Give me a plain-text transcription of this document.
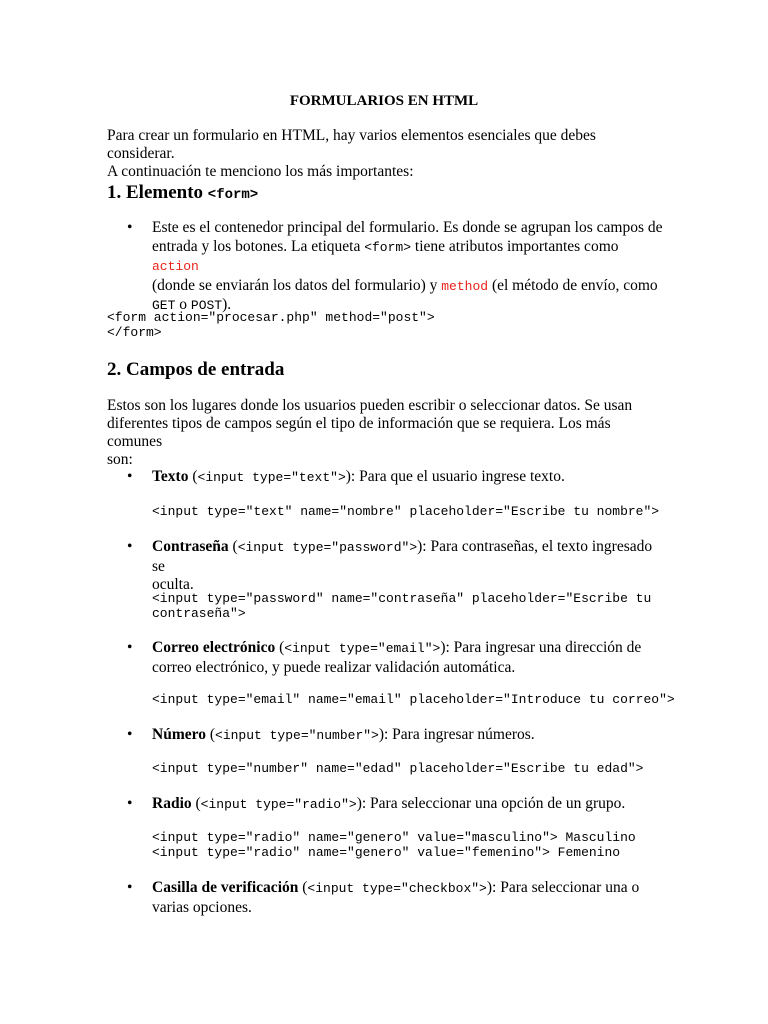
FORMULARIOS EN HTML
Para crear un formulario en HTML, hay varios elementos esenciales que debes considerar.
A continuación te menciono los más importantes:
1. Elemento <form>
• Este es el contenedor principal del formulario. Es donde se agrupan los campos de
entrada y los botones. La etiqueta <form> tiene atributos importantes como action
(donde se enviarán los datos del formulario) y method (el método de envío, como
GET o POST).
<form action="procesar.php" method="post">
</form>
2. Campos de entrada
Estos son los lugares donde los usuarios pueden escribir o seleccionar datos. Se usan
diferentes tipos de campos según el tipo de información que se requiera. Los más comunes
son:
• Texto (<input type="text">): Para que el usuario ingrese texto.
<input type="text" name="nombre" placeholder="Escribe tu nombre">
• Contraseña (<input type="password">): Para contraseñas, el texto ingresado se
oculta.
<input type="password" name="contraseña" placeholder="Escribe tu
contraseña">
• Correo electrónico (<input type="email">): Para ingresar una dirección de
correo electrónico, y puede realizar validación automática.
<input type="email" name="email" placeholder="Introduce tu correo">
• Número (<input type="number">): Para ingresar números.
<input type="number" name="edad" placeholder="Escribe tu edad">
• Radio (<input type="radio">): Para seleccionar una opción de un grupo.
<input type="radio" name="genero" value="masculino"> Masculino
<input type="radio" name="genero" value="femenino"> Femenino
• Casilla de verificación (<input type="checkbox">): Para seleccionar una o
varias opciones.
